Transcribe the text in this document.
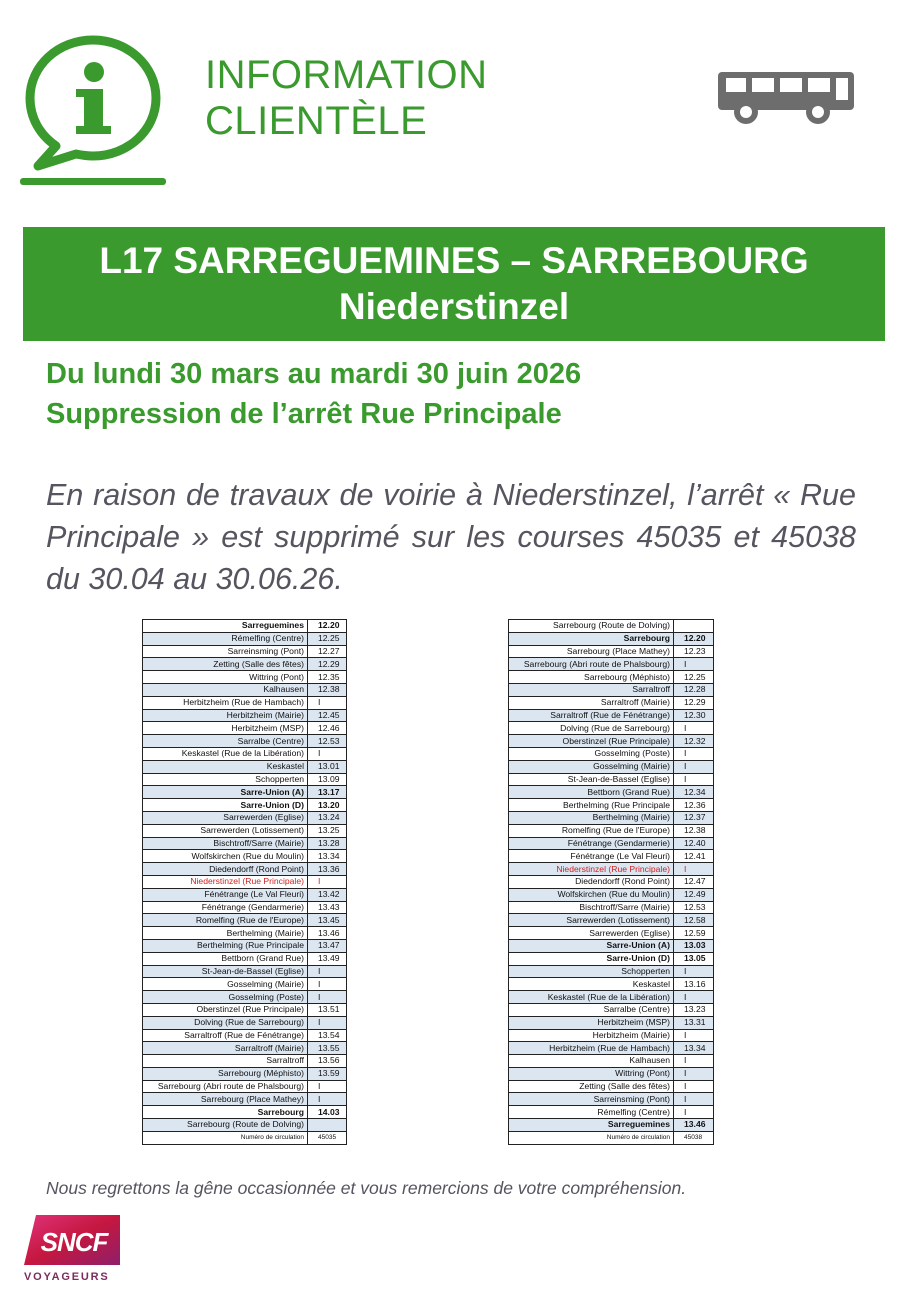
INFORMATION
CLIENTÈLE
L17 SARREGUEMINES – SARREBOURG
Niederstinzel
Du lundi 30 mars au mardi 30 juin 2026
Suppression de l’arrêt Rue Principale
En raison de travaux de voirie à Niederstinzel, l’arrêt « Rue Principale » est supprimé sur les courses 45035 et 45038 du 30.04 au 30.06.26.
Sarreguemines	12.20
Rémelfing (Centre)	12.25
Sarreinsming (Pont)	12.27
Zetting (Salle des fêtes)	12.29
Wittring (Pont)	12.35
Kalhausen	12.38
Herbitzheim (Rue de Hambach)	I
Herbitzheim (Mairie)	12.45
Herbitzheim (MSP)	12.46
Sarralbe (Centre)	12.53
Keskastel (Rue de la Libération)	I
Keskastel	13.01
Schopperten	13.09
Sarre-Union (A)	13.17
Sarre-Union (D)	13.20
Sarrewerden (Eglise)	13.24
Sarrewerden (Lotissement)	13.25
Bischtroff/Sarre (Mairie)	13.28
Wolfskirchen (Rue du Moulin)	13.34
Diedendorff (Rond Point)	13.36
Niederstinzel (Rue Principale)	I
Fénétrange (Le Val Fleuri)	13.42
Fénétrange (Gendarmerie)	13.43
Romelfing (Rue de l'Europe)	13.45
Berthelming (Mairie)	13.46
Berthelming (Rue Principale	13.47
Bettborn (Grand Rue)	13.49
St-Jean-de-Bassel (Eglise)	I
Gosselming (Mairie)	I
Gosselming (Poste)	I
Oberstinzel (Rue Principale)	13.51
Dolving (Rue de Sarrebourg)	I
Sarraltroff (Rue de Fénétrange)	13.54
Sarraltroff (Mairie)	13.55
Sarraltroff	13.56
Sarrebourg (Méphisto)	13.59
Sarrebourg (Abri route de Phalsbourg)	I
Sarrebourg (Place Mathey)	I
Sarrebourg	14.03
Sarrebourg (Route de Dolving)	
Numéro de circulation	45035
Sarrebourg (Route de Dolving)	
Sarrebourg	12.20
Sarrebourg (Place Mathey)	12.23
Sarrebourg (Abri route de Phalsbourg)	I
Sarrebourg (Méphisto)	12.25
Sarraltroff	12.28
Sarraltroff (Mairie)	12.29
Sarraltroff (Rue de Fénétrange)	12.30
Dolving (Rue de Sarrebourg)	I
Oberstinzel (Rue Principale)	12.32
Gosselming (Poste)	I
Gosselming (Mairie)	I
St-Jean-de-Bassel (Eglise)	I
Bettborn (Grand Rue)	12.34
Berthelming (Rue Principale	12.36
Berthelming (Mairie)	12.37
Romelfing (Rue de l'Europe)	12.38
Fénétrange (Gendarmerie)	12.40
Fénétrange (Le Val Fleuri)	12.41
Niederstinzel (Rue Principale)	I
Diedendorff (Rond Point)	12.47
Wolfskirchen (Rue du Moulin)	12.49
Bischtroff/Sarre (Mairie)	12.53
Sarrewerden (Lotissement)	12.58
Sarrewerden (Eglise)	12.59
Sarre-Union (A)	13.03
Sarre-Union (D)	13.05
Schopperten	I
Keskastel	13.16
Keskastel (Rue de la Libération)	I
Sarralbe (Centre)	13.23
Herbitzheim (MSP)	13.31
Herbitzheim (Mairie)	I
Herbitzheim (Rue de Hambach)	13.34
Kalhausen	I
Wittring (Pont)	I
Zetting (Salle des fêtes)	I
Sarreinsming (Pont)	I
Rémelfing (Centre)	I
Sarreguemines	13.46
Numéro de circulation	45038
Nous regrettons la gêne occasionnée et vous remercions de votre compréhension.
SNCF
VOYAGEURS
